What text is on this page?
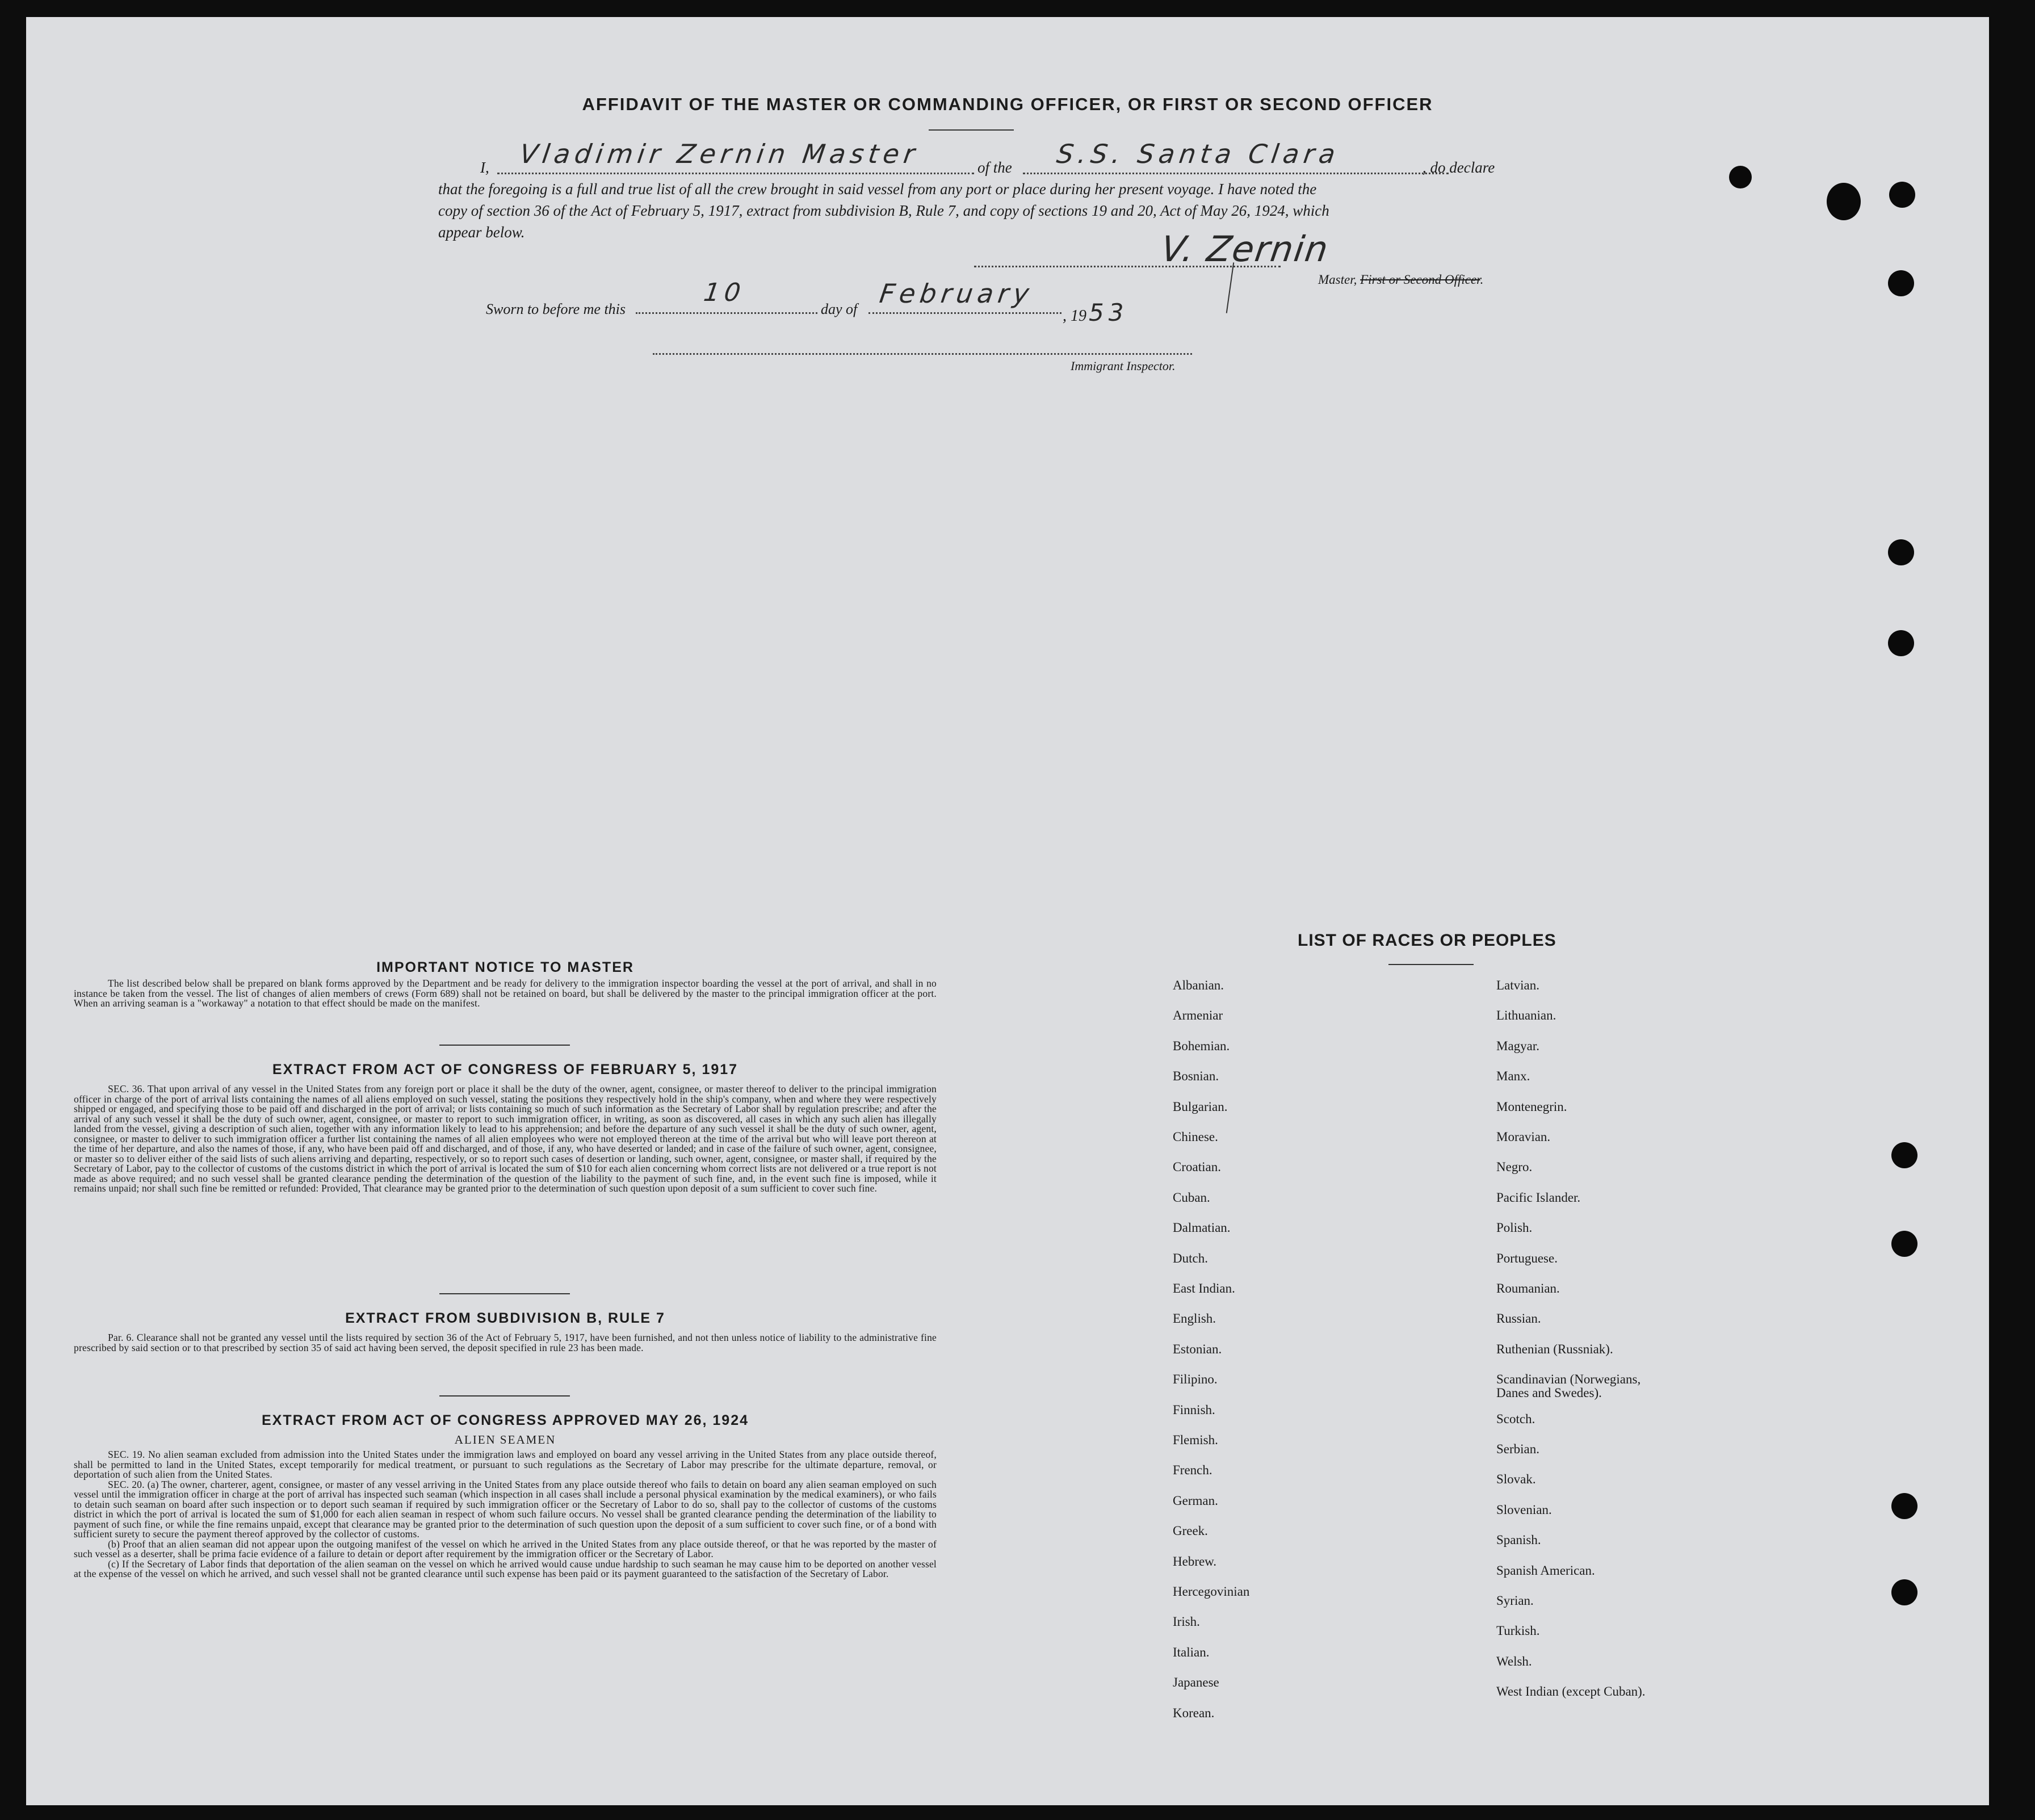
AFFIDAVIT OF THE MASTER OR COMMANDING OFFICER, OR FIRST OR SECOND OFFICER
I, Vladimir Zernin Master	of the S.S. Santa Clara	, do declare
that the foregoing is a full and true list of all the crew brought in said vessel from any port or place during her present voyage. I have noted the
copy of section 36 of the Act of February 5, 1917, extract from subdivision B, Rule 7, and copy of sections 19 and 20, Act of May 26, 1924, which
appear below.	V. Zernin
Master, First or Second Officer.
Sworn to before me this
10
day of
February
, 19 53
Immigrant Inspector.
IMPORTANT NOTICE TO MASTER

The list described below shall be prepared on blank forms approved by the Department and be ready for delivery to the immigration inspector boarding the vessel at the port of arrival, and shall in no instance be taken from the vessel. The list of changes of alien members of crews (Form 689) shall not be retained on board, but shall be delivered by the master to the principal immigration officer at the port. When an arriving seaman is a "workaway" a notation to that effect should be made on the manifest.

EXTRACT FROM ACT OF CONGRESS OF FEBRUARY 5, 1917

SEC. 36. That upon arrival of any vessel in the United States from any foreign port or place it shall be the duty of the owner, agent, consignee, or master thereof to deliver to the principal immigration officer in charge of the port of arrival lists containing the names of all aliens employed on such vessel, stating the positions they respectively hold in the ship's company, when and where they were respectively shipped or engaged, and specifying those to be paid off and discharged in the port of arrival; or lists containing so much of such information as the Secretary of Labor shall by regulation prescribe; and after the arrival of any such vessel it shall be the duty of such owner, agent, consignee, or master to report to such immigration officer, in writing, as soon as discovered, all cases in which any such alien has illegally landed from the vessel, giving a description of such alien, together with any information likely to lead to his apprehension; and before the departure of any such vessel it shall be the duty of such owner, agent, consignee, or master to deliver to such immigration officer a further list containing the names of all alien employees who were not employed thereon at the time of the arrival but who will leave port thereon at the time of her departure, and also the names of those, if any, who have been paid off and discharged, and of those, if any, who have deserted or landed; and in case of the failure of such owner, agent, consignee, or master so to deliver either of the said lists of such aliens arriving and departing, respectively, or so to report such cases of desertion or landing, such owner, agent, consignee, or master shall, if required by the Secretary of Labor, pay to the collector of customs of the customs district in which the port of arrival is located the sum of $10 for each alien concerning whom correct lists are not delivered or a true report is not made as above required; and no such vessel shall be granted clearance pending the determination of the question of the liability to the payment of such fine, and, in the event such fine is imposed, while it remains unpaid; nor shall such fine be remitted or refunded: Provided, That clearance may be granted prior to the determination of such question upon deposit of a sum sufficient to cover such fine.

EXTRACT FROM SUBDIVISION B, RULE 7

Par. 6. Clearance shall not be granted any vessel until the lists required by section 36 of the Act of February 5, 1917, have been furnished, and not then unless notice of liability to the administrative fine prescribed by said section or to that prescribed by section 35 of said act having been served, the deposit specified in rule 23 has been made.

EXTRACT FROM ACT OF CONGRESS APPROVED MAY 26, 1924
ALIEN SEAMEN

SEC. 19. No alien seaman excluded from admission into the United States under the immigration laws and employed on board any vessel arriving in the United States from any place outside thereof, shall be permitted to land in the United States, except temporarily for medical treatment, or pursuant to such regulations as the Secretary of Labor may prescribe for the ultimate departure, removal, or deportation of such alien from the United States.

SEC. 20. (a) The owner, charterer, agent, consignee, or master of any vessel arriving in the United States from any place outside thereof who fails to detain on board any alien seaman employed on such vessel until the immigration officer in charge at the port of arrival has inspected such seaman (which inspection in all cases shall include a personal physical examination by the medical examiners), or who fails to detain such seaman on board after such inspection or to deport such seaman if required by such immigration officer or the Secretary of Labor to do so, shall pay to the collector of customs of the customs district in which the port of arrival is located the sum of $1,000 for each alien seaman in respect of whom such failure occurs. No vessel shall be granted clearance pending the determination of the liability to payment of such fine, or while the fine remains unpaid, except that clearance may be granted prior to the determination of such question upon the deposit of a sum sufficient to cover such fine, or of a bond with sufficient surety to secure the payment thereof approved by the collector of customs.

(b) Proof that an alien seaman did not appear upon the outgoing manifest of the vessel on which he arrived in the United States from any place outside thereof, or that he was reported by the master of such vessel as a deserter, shall be prima facie evidence of a failure to detain or deport after requirement by the immigration officer or the Secretary of Labor.

(c) If the Secretary of Labor finds that deportation of the alien seaman on the vessel on which he arrived would cause undue hardship to such seaman he may cause him to be deported on another vessel at the expense of the vessel on which he arrived, and such vessel shall not be granted clearance until such expense has been paid or its payment guaranteed to the satisfaction of the Secretary of Labor.

LIST OF RACES OR PEOPLES
Albanian.
Armeniar
Bohemian.
Bosnian.
Bulgarian.
Chinese.
Croatian.
Cuban.
Dalmatian.
Dutch.
East Indian.
English.
Estonian.
Filipino.
Finnish.
Flemish.
French.
German.
Greek.
Hebrew.
Hercegovinian
Irish.
Italian.
Japanese
Korean.
Latvian.
Lithuanian.
Magyar.
Manx.
Montenegrin.
Moravian.
Negro.
Pacific Islander.
Polish.
Portuguese.
Roumanian.
Russian.
Ruthenian (Russniak).
Scandinavian (Norwegians,
Danes and Swedes).
Scotch.
Serbian.
Slovak.
Slovenian.
Spanish.
Spanish American.
Syrian.
Turkish.
Welsh.
West Indian (except Cuban).
